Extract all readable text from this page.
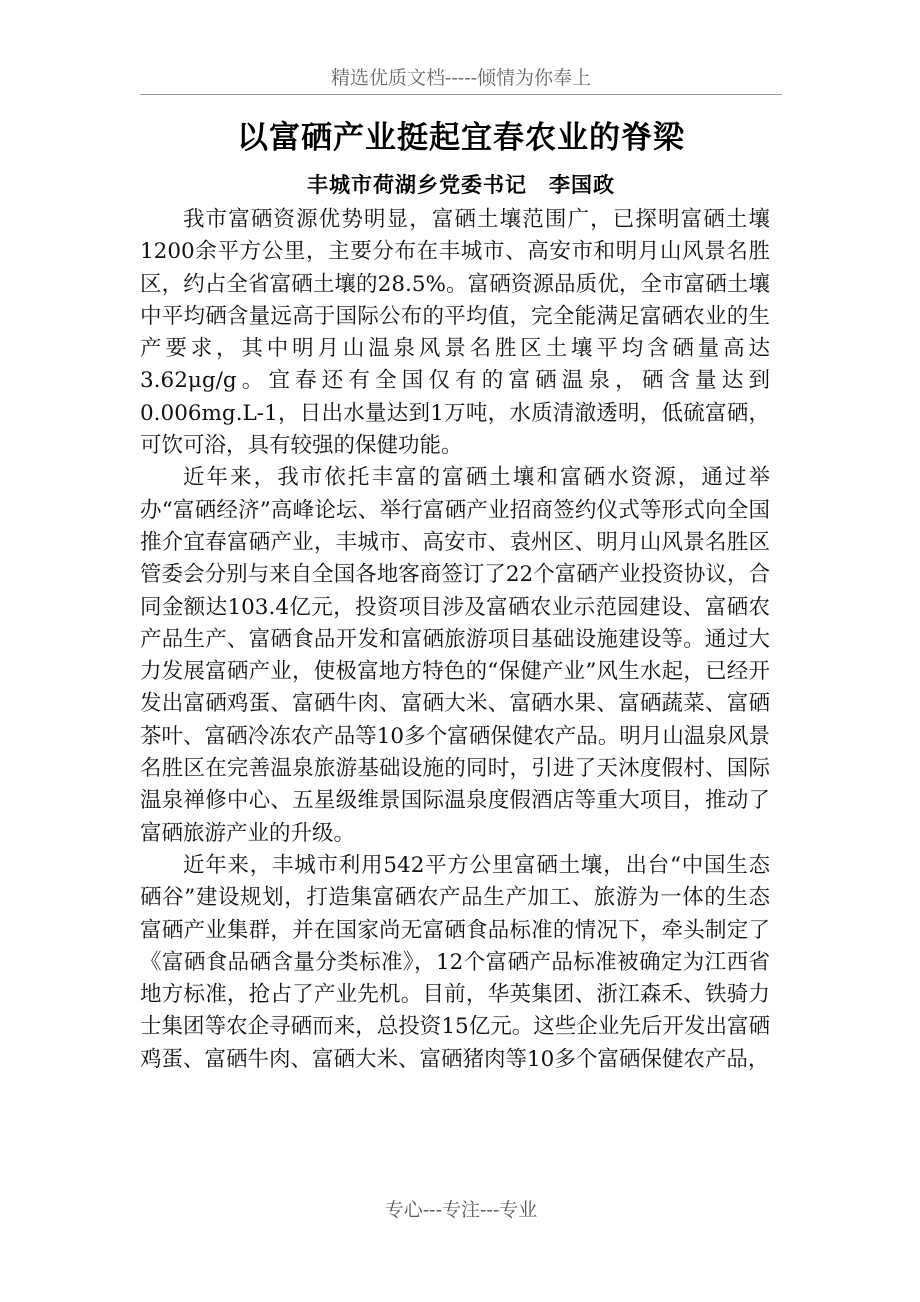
精选优质文档-----倾情为你奉上
以富硒产业挺起宜春农业的脊梁
丰城市荷湖乡党委书记　李国政

我市富硒资源优势明显，富硒土壤范围广，已探明富硒土壤1200余平方公里，主要分布在丰城市、高安市和明月山风景名胜区，约占全省富硒土壤的28.5%。富硒资源品质优，全市富硒土壤中平均硒含量远高于国际公布的平均值，完全能满足富硒农业的生产要求，其中明月山温泉风景名胜区土壤平均含硒量高达3.62μg/g。宜春还有全国仅有的富硒温泉，硒含量达到0.006mg.L-1，日出水量达到1万吨，水质清澈透明，低硫富硒，可饮可浴，具有较强的保健功能。

近年来，我市依托丰富的富硒土壤和富硒水资源，通过举办“富硒经济”高峰论坛、举行富硒产业招商签约仪式等形式向全国推介宜春富硒产业，丰城市、高安市、袁州区、明月山风景名胜区管委会分别与来自全国各地客商签订了22个富硒产业投资协议，合同金额达103.4亿元，投资项目涉及富硒农业示范园建设、富硒农产品生产、富硒食品开发和富硒旅游项目基础设施建设等。通过大力发展富硒产业，使极富地方特色的“保健产业”风生水起，已经开发出富硒鸡蛋、富硒牛肉、富硒大米、富硒水果、富硒蔬菜、富硒茶叶、富硒冷冻农产品等10多个富硒保健农产品。明月山温泉风景名胜区在完善温泉旅游基础设施的同时，引进了天沐度假村、国际温泉禅修中心、五星级维景国际温泉度假酒店等重大项目，推动了富硒旅游产业的升级。

近年来，丰城市利用542平方公里富硒土壤，出台“中国生态硒谷”建设规划，打造集富硒农产品生产加工、旅游为一体的生态富硒产业集群，并在国家尚无富硒食品标准的情况下，牵头制定了《富硒食品硒含量分类标准》，12个富硒产品标准被确定为江西省地方标准，抢占了产业先机。目前，华英集团、浙江森禾、铁骑力士集团等农企寻硒而来，总投资15亿元。这些企业先后开发出富硒鸡蛋、富硒牛肉、富硒大米、富硒猪肉等10多个富硒保健农产品，

专心---专注---专业
